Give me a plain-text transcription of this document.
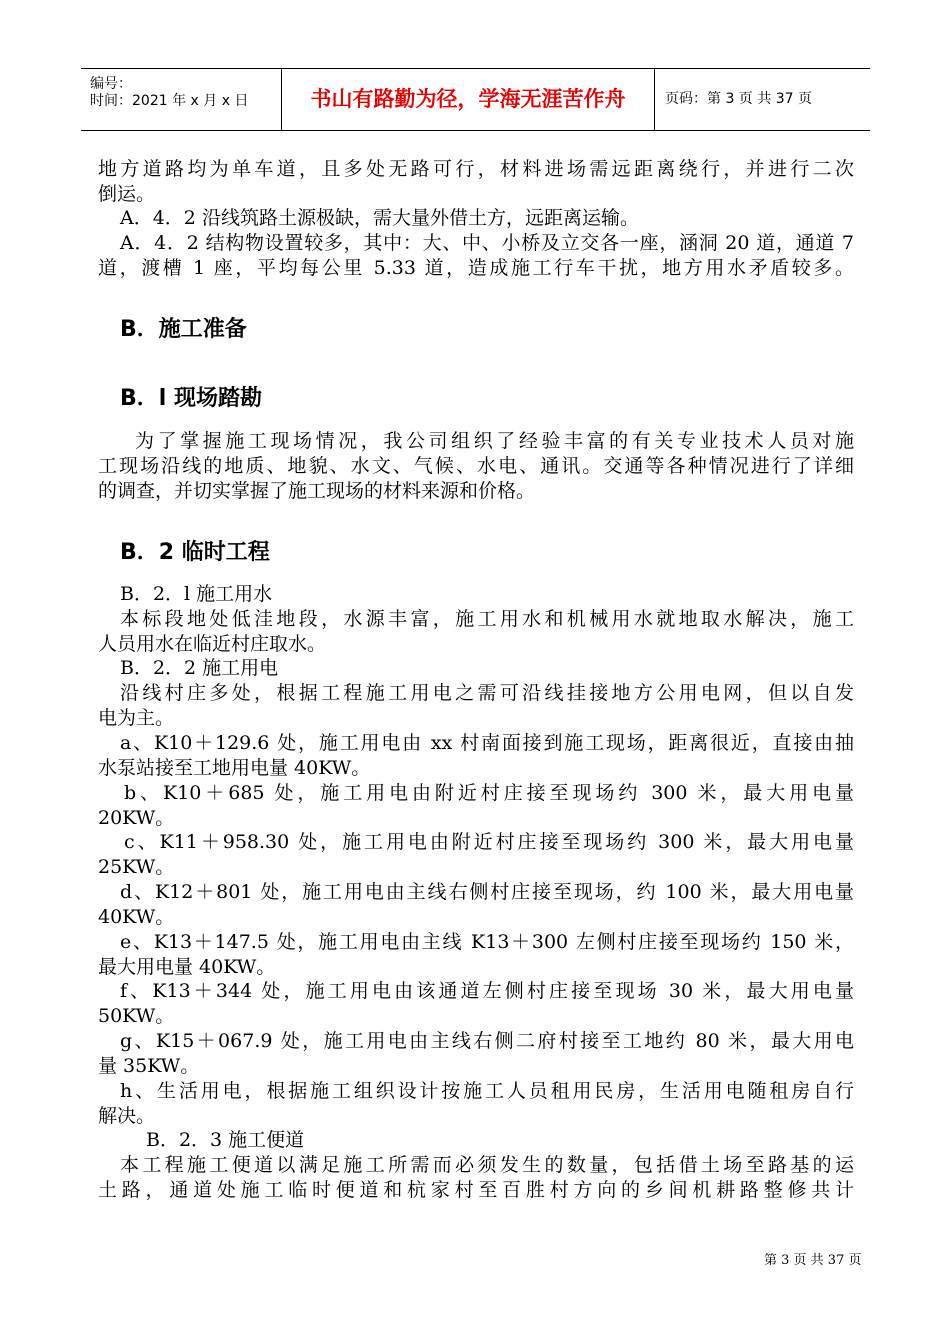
编号：
时间：2021 年 x 月 x 日	书山有路勤为径，学海无涯苦作舟	页码：第 3 页 共 37 页
地方道路均为单车道，且多处无路可行，材料进场需远距离绕行，并进行二次
倒运。
A．4．2 沿线筑路土源极缺，需大量外借土方，远距离运输。
A．4．2 结构物设置较多，其中：大、中、小桥及立交各一座，涵洞 20 道，通道 7
道，渡槽 1 座，平均每公里 5.33 道，造成施工行车干扰，地方用水矛盾较多。
B．施工准备
B．l 现场踏勘
为了掌握施工现场情况，我公司组织了经验丰富的有关专业技术人员对施
工现场沿线的地质、地貌、水文、气候、水电、通讯。交通等各种情况进行了详细
的调查，并切实掌握了施工现场的材料来源和价格。
B．2 临时工程
B．2．l 施工用水
本标段地处低洼地段，水源丰富，施工用水和机械用水就地取水解决，施工
人员用水在临近村庄取水。
B．2．2 施工用电
沿线村庄多处，根据工程施工用电之需可沿线挂接地方公用电网，但以自发
电为主。
a、K10＋129.6 处，施工用电由 xx 村南面接到施工现场，距离很近，直接由抽
水泵站接至工地用电量 40KW。
b、K10＋685 处，施工用电由附近村庄接至现场约 300 米，最大用电量
20KW。
c、K11＋958.30 处，施工用电由附近村庄接至现场约 300 米，最大用电量
25KW。
d、K12＋801 处，施工用电由主线右侧村庄接至现场，约 100 米，最大用电量
40KW。
e、K13＋147.5 处，施工用电由主线 K13＋300 左侧村庄接至现场约 150 米，
最大用电量 40KW。
f、K13＋344 处，施工用电由该通道左侧村庄接至现场 30 米，最大用电量
50KW。
g、K15＋067.9 处，施工用电由主线右侧二府村接至工地约 80 米，最大用电
量 35KW。
h、生活用电，根据施工组织设计按施工人员租用民房，生活用电随租房自行
解决。
B．2．3 施工便道
本工程施工便道以满足施工所需而必须发生的数量，包括借土场至路基的运
土路，通道处施工临时便道和杭家村至百胜村方向的乡间机耕路整修共计
第 3 页 共 37 页
